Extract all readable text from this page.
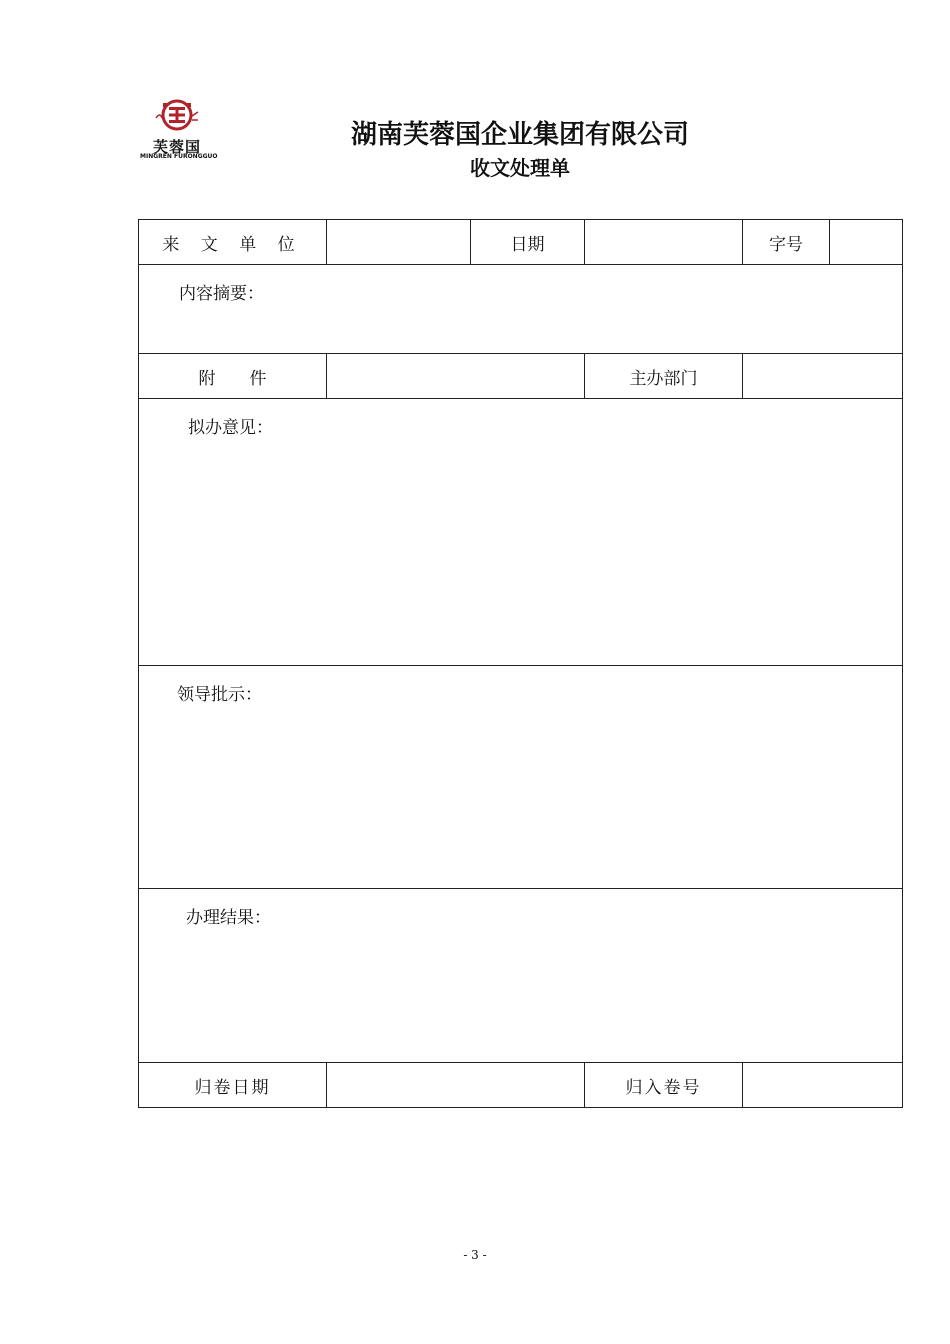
芙蓉国
MINGREN FURONGGUO
湖南芙蓉国企业集团有限公司
收文处理单
来 文 单 位		日期		字号	
内容摘要：					
附　　件			主办部门		
拟办意见：					
领导批示：					
办理结果：					
归卷日期			归入卷号		
- 3 -
